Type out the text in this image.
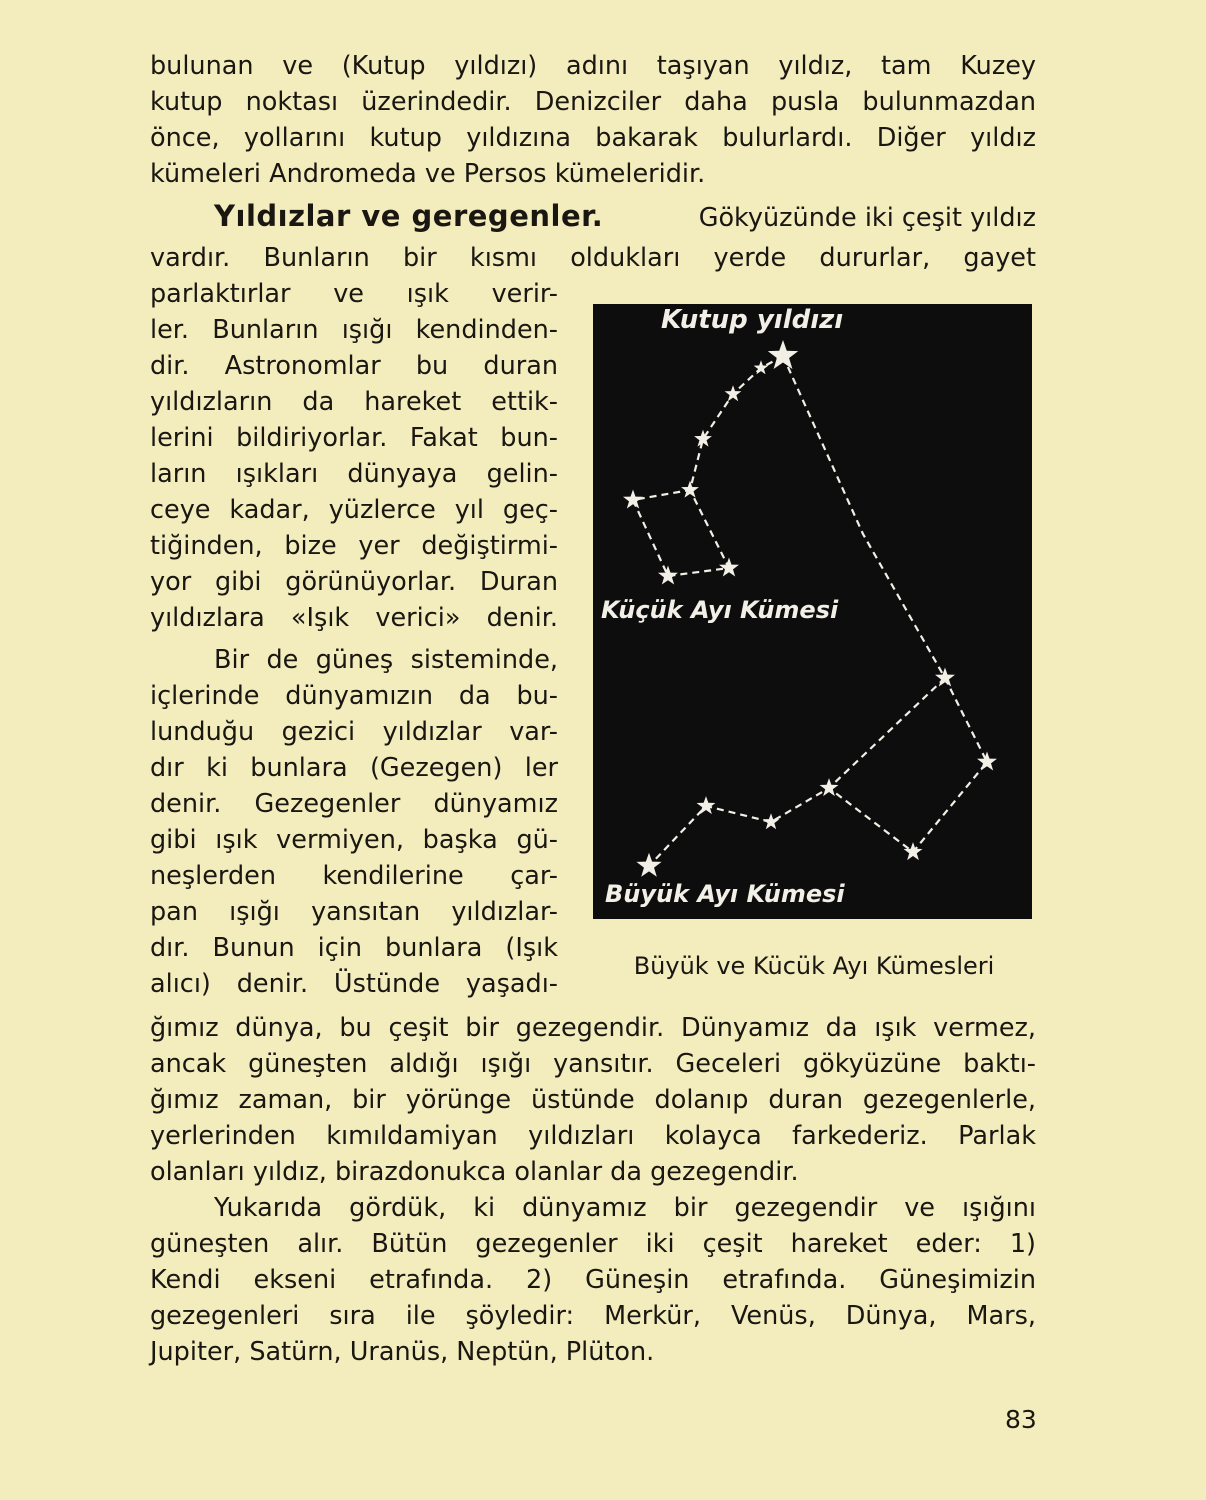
bulunan ve (Kutup yıldızı) adını taşıyan yıldız, tam Kuzey
kutup noktası üzerindedir. Denizciler daha pusla bulunmazdan
önce, yollarını kutup yıldızına bakarak bulurlardı. Diğer yıldız
kümeleri Andromeda ve Persos kümeleridir.
Yıldızlar ve geregenler.	Gökyüzünde iki çeşit yıldız
vardır. Bunların bir kısmı oldukları yerde dururlar, gayet
parlaktırlar ve ışık verir-
ler. Bunların ışığı kendinden-
dir. Astronomlar bu duran
yıldızların da hareket ettik-
lerini bildiriyorlar. Fakat bun-
ların ışıkları dünyaya gelin-
ceye kadar, yüzlerce yıl geç-
tiğinden, bize yer değiştirmi-
yor gibi görünüyorlar. Duran
yıldızlara «Işık verici» denir.
Bir de güneş sisteminde,
içlerinde dünyamızın da bu-
lunduğu gezici yıldızlar var-
dır ki bunlara (Gezegen) ler
denir. Gezegenler dünyamız
gibi ışık vermiyen, başka gü-
neşlerden kendilerine çar-
pan ışığı yansıtan yıldızlar-
dır. Bunun için bunlara (Işık
alıcı) denir. Üstünde yaşadı-
Kutup yıldızı
Küçük Ayı Kümesi
Büyük Ayı Kümesi
Büyük ve Kücük Ayı Kümesleri
ğımız dünya, bu çeşit bir gezegendir. Dünyamız da ışık vermez,
ancak güneşten aldığı ışığı yansıtır. Geceleri gökyüzüne baktı-
ğımız zaman, bir yörünge üstünde dolanıp duran gezegenlerle,
yerlerinden kımıldamiyan yıldızları kolayca farkederiz. Parlak
olanları yıldız, birazdonukca olanlar da gezegendir.
Yukarıda gördük, ki dünyamız bir gezegendir ve ışığını
güneşten alır. Bütün gezegenler iki çeşit hareket eder: 1)
Kendi ekseni etrafında. 2) Güneşin etrafında. Güneşimizin
gezegenleri sıra ile şöyledir: Merkür, Venüs, Dünya, Mars,
Jupiter, Satürn, Uranüs, Neptün, Plüton.
83
